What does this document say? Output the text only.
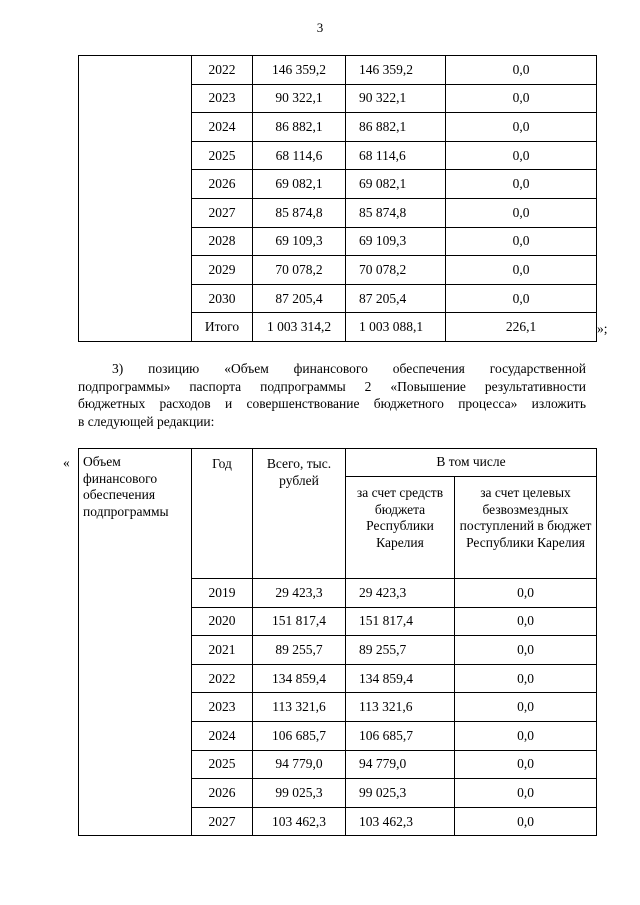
3
	2022	146 359,2	146 359,2	0,0
	2023	90 322,1	90 322,1	0,0
	2024	86 882,1	86 882,1	0,0
	2025	68 114,6	68 114,6	0,0
	2026	69 082,1	69 082,1	0,0
	2027	85 874,8	85 874,8	0,0
	2028	69 109,3	69 109,3	0,0
	2029	70 078,2	70 078,2	0,0
	2030	87 205,4	87 205,4	0,0
	Итого	1 003 314,2	1 003 088,1	226,1	»;
3) позицию «Объем финансового обеспечения государственной
подпрограммы» паспорта подпрограммы 2 «Повышение результативности
бюджетных расходов и совершенствование бюджетного процесса» изложить
в следующей редакции:
« Объем финансового обеспечения подпрограммы	Год	Всего, тыс. рублей	В том числе	
			за счет средств бюджета Республики Карелия	за счет целевых безвозмездных поступлений в бюджет Республики Карелия
	2019	29 423,3	29 423,3	0,0
	2020	151 817,4	151 817,4	0,0
	2021	89 255,7	89 255,7	0,0
	2022	134 859,4	134 859,4	0,0
	2023	113 321,6	113 321,6	0,0
	2024	106 685,7	106 685,7	0,0
	2025	94 779,0	94 779,0	0,0
	2026	99 025,3	99 025,3	0,0
	2027	103 462,3	103 462,3	0,0
